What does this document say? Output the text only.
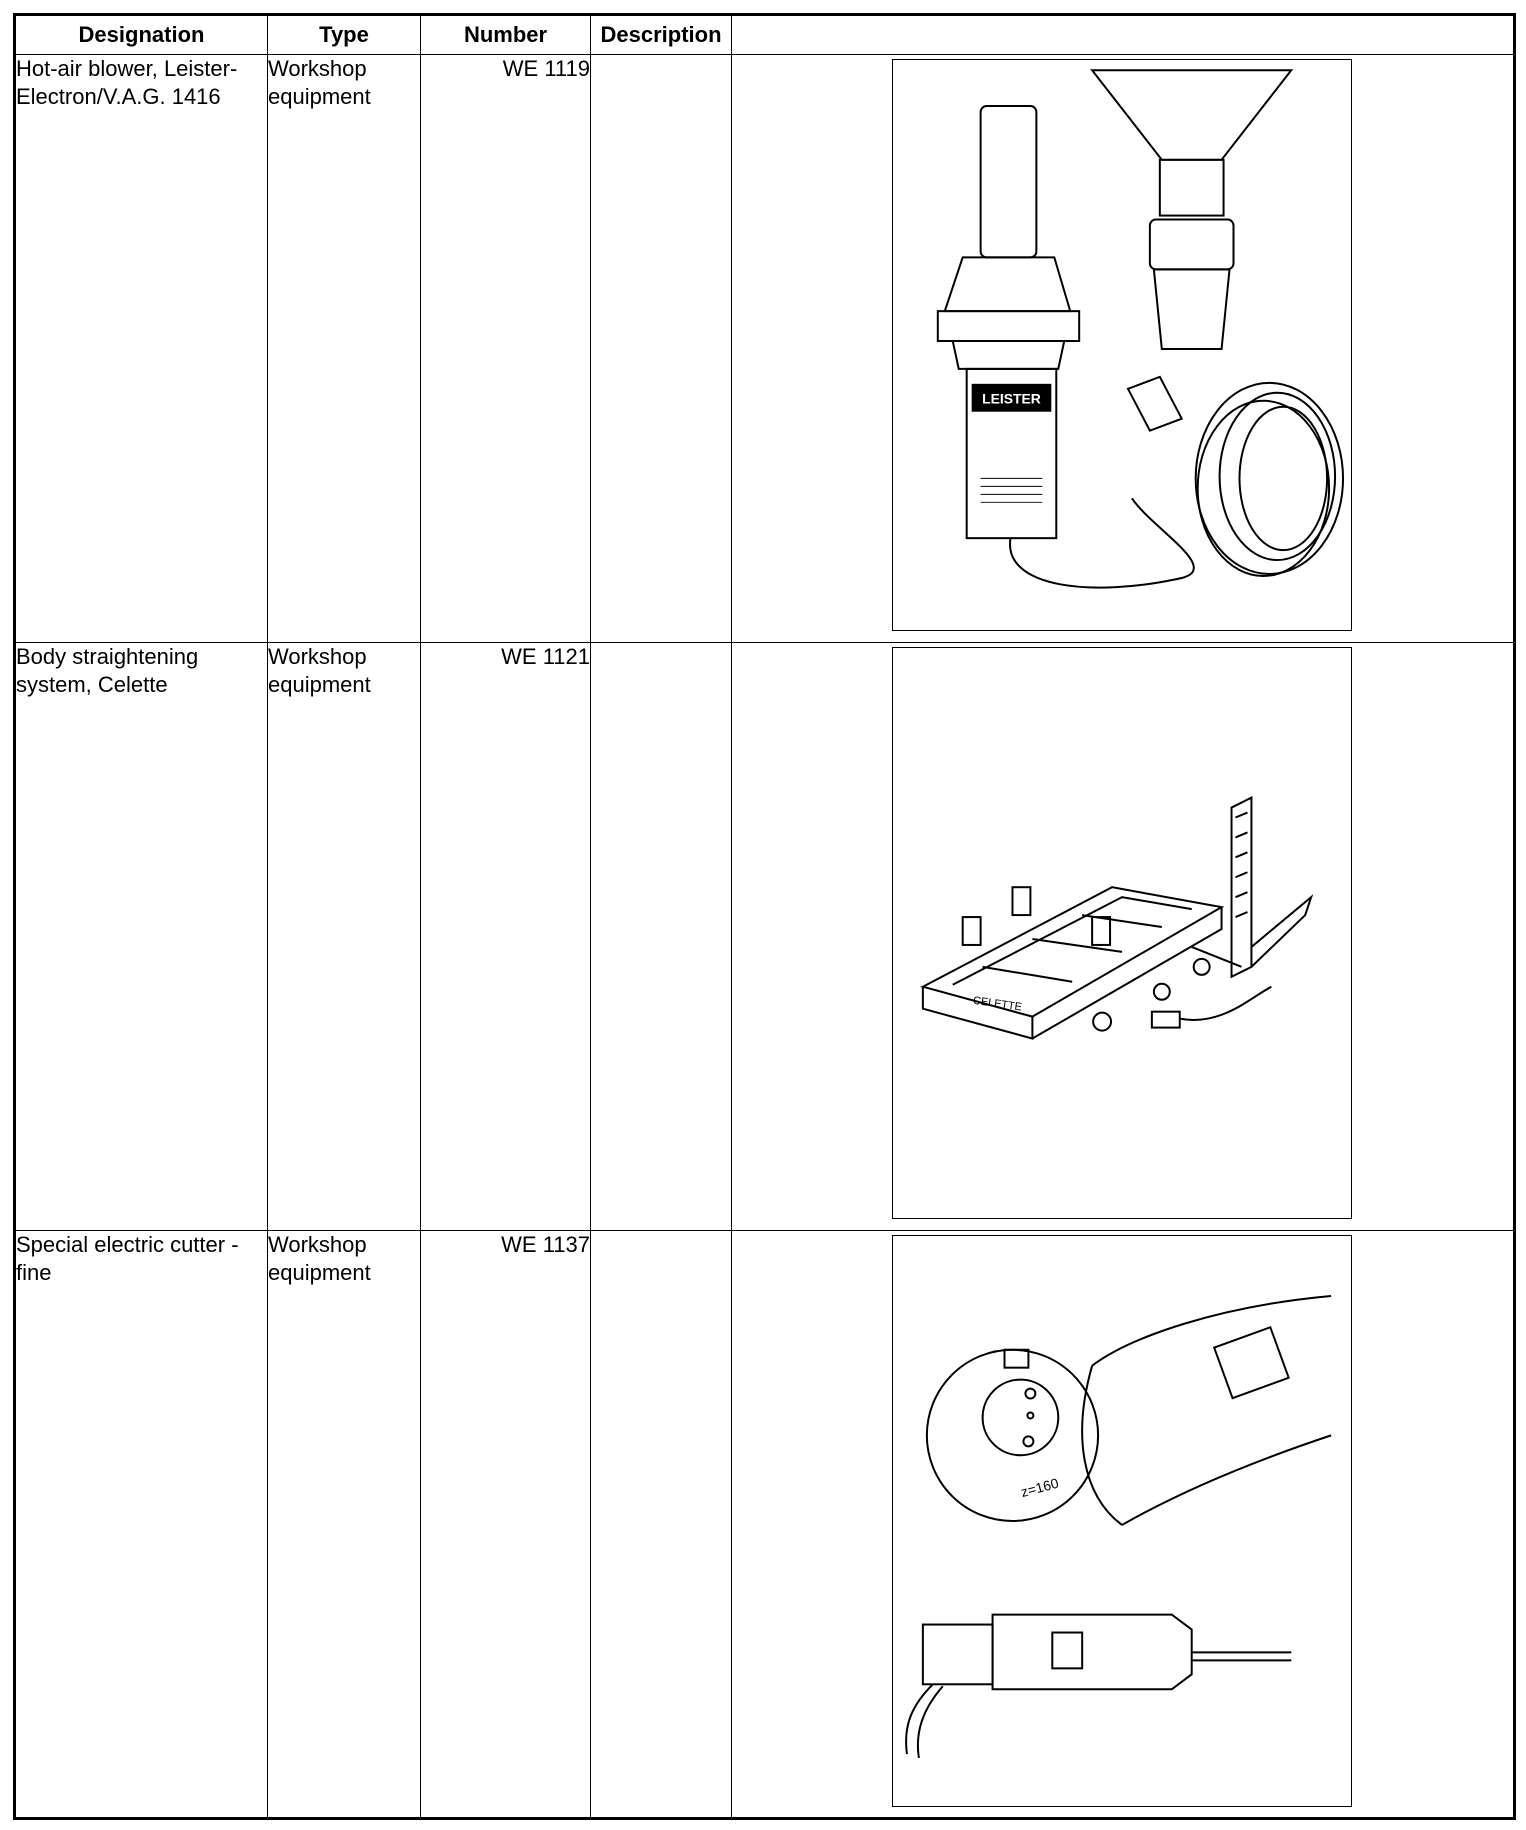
Designation	Type	Number	Description	
Hot-air blower, Leister-Electron/V.A.G. 1416	Workshop equipment	WE 1119		LEISTER

Body straightening system, Celette	Workshop equipment	WE 1121		CELETTE

Special electric cutter - fine	Workshop equipment	WE 1137		z=160
